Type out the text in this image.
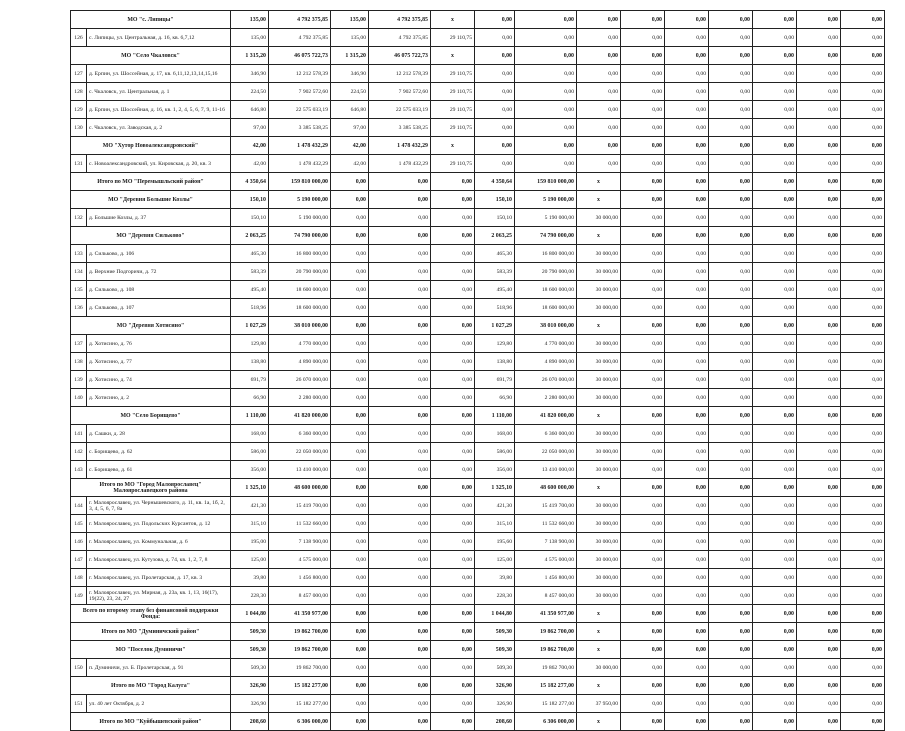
МО "с. Липицы"		135,00	4 792 375,85	135,00	4 792 375,85	x	0,00	0,00	0,00	0,00	0,00	0,00	0,00	0,00	0,00
126	с. Липицы, ул. Центральная, д. 16, кв. 6,7,12	135,00	4 792 375,85	135,00	4 792 375,85	29 110,75	0,00	0,00	0,00	0,00	0,00	0,00	0,00	0,00	0,00
МО "Село Чкаловск"		1 315,20	46 075 722,73	1 315,20	46 075 722,73	x	0,00	0,00	0,00	0,00	0,00	0,00	0,00	0,00	0,00
127	д. Ерпин, ул. Шоссейная, д. 17, кв. 6,11,12,13,14,15,16	346,90	12 212 578,39	346,90	12 212 578,39	29 110,75	0,00	0,00	0,00	0,00	0,00	0,00	0,00	0,00	0,00
128	с. Чкаловск, ул. Центральная, д. 1	224,50	7 902 572,60	224,50	7 902 572,60	29 110,75	0,00	0,00	0,00	0,00	0,00	0,00	0,00	0,00	0,00
129	д. Ерпин, ул. Шоссейная, д. 16, кв. 1, 2, 4, 5, 6, 7, 9, 11-16	646,80	22 575 033,19	646,80	22 575 033,19	29 110,75	0,00	0,00	0,00	0,00	0,00	0,00	0,00	0,00	0,00
130	с. Чкаловск, ул. Заводская, д. 2	97,00	3 385 538,25	97,00	3 385 538,25	29 110,75	0,00	0,00	0,00	0,00	0,00	0,00	0,00	0,00	0,00
МО "Хутор Новоалександровский"		42,00	1 478 432,29	42,00	1 478 432,29	x	0,00	0,00	0,00	0,00	0,00	0,00	0,00	0,00	0,00
131	с. Новоалександровский, ул. Кировская, д. 20, кв. 3	42,00	1 478 432,29	42,00	1 478 432,29	29 110,75	0,00	0,00	0,00	0,00	0,00	0,00	0,00	0,00	0,00
Итого по МО "Перемышльский район"		4 350,64	159 810 000,00	0,00	0,00	0,00	4 350,64	159 810 000,00	x	0,00	0,00	0,00	0,00	0,00	0,00
МО "Деревня Большие Козлы"		150,10	5 190 000,00	0,00	0,00	0,00	150,10	5 190 000,00	x	0,00	0,00	0,00	0,00	0,00	0,00
132	д. Большие Козлы, д. 37	150,10	5 190 000,00	0,00	0,00	0,00	150,10	5 190 000,00	30 000,00	0,00	0,00	0,00	0,00	0,00	0,00
МО "Деревня Сильково"		2 063,25	74 790 000,00	0,00	0,00	0,00	2 063,25	74 790 000,00	x	0,00	0,00	0,00	0,00	0,00	0,00
133	д. Сильково, д. 106	465,30	16 800 000,00	0,00	0,00	0,00	465,30	16 800 000,00	30 000,00	0,00	0,00	0,00	0,00	0,00	0,00
134	д. Верхние Подгоричи, д. 72	583,39	20 790 000,00	0,00	0,00	0,00	583,39	20 790 000,00	30 000,00	0,00	0,00	0,00	0,00	0,00	0,00
135	д. Сильково, д. 108	495,40	18 600 000,00	0,00	0,00	0,00	495,40	18 600 000,00	30 000,00	0,00	0,00	0,00	0,00	0,00	0,00
136	д. Сильково, д. 107	518,96	18 600 000,00	0,00	0,00	0,00	518,96	18 600 000,00	30 000,00	0,00	0,00	0,00	0,00	0,00	0,00
МО "Деревня Хотисино"		1 027,29	38 010 000,00	0,00	0,00	0,00	1 027,29	38 010 000,00	x	0,00	0,00	0,00	0,00	0,00	0,00
137	д. Хотисино, д. 76	129,80	4 770 000,00	0,00	0,00	0,00	129,80	4 770 000,00	30 000,00	0,00	0,00	0,00	0,00	0,00	0,00
138	д. Хотисино, д. 77	138,80	4 890 000,00	0,00	0,00	0,00	138,80	4 890 000,00	30 000,00	0,00	0,00	0,00	0,00	0,00	0,00
139	д. Хотисино, д. 74	691,79	26 070 000,00	0,00	0,00	0,00	691,79	26 070 000,00	30 000,00	0,00	0,00	0,00	0,00	0,00	0,00
140	д. Хотисино, д. 2	66,90	2 280 000,00	0,00	0,00	0,00	66,90	2 280 000,00	30 000,00	0,00	0,00	0,00	0,00	0,00	0,00
МО "Село Борищево"		1 110,00	41 820 000,00	0,00	0,00	0,00	1 110,00	41 820 000,00	x	0,00	0,00	0,00	0,00	0,00	0,00
141	д. Сашки, д. 28	168,00	6 360 000,00	0,00	0,00	0,00	168,00	6 360 000,00	30 000,00	0,00	0,00	0,00	0,00	0,00	0,00
142	с. Борищево, д. 62	586,00	22 050 000,00	0,00	0,00	0,00	586,00	22 050 000,00	30 000,00	0,00	0,00	0,00	0,00	0,00	0,00
143	с. Борищево, д. 61	356,00	13 410 000,00	0,00	0,00	0,00	356,00	13 410 000,00	30 000,00	0,00	0,00	0,00	0,00	0,00	0,00
Итого по МО "Город Малоярославец" Малоярославецкого района		1 325,10	48 600 000,00	0,00	0,00	0,00	1 325,10	48 600 000,00	x	0,00	0,00	0,00	0,00	0,00	0,00
144	г. Малоярославец, ул. Чернышевского, д. 11, кв. 1а, 1б, 2, 3, 4, 5, 6, 7, 8а	421,30	15 419 700,00	0,00	0,00	0,00	421,30	15 419 700,00	30 000,00	0,00	0,00	0,00	0,00	0,00	0,00
145	г. Малоярославец, ул. Подольских Курсантов, д. 12	315,10	11 532 660,00	0,00	0,00	0,00	315,10	11 532 660,00	30 000,00	0,00	0,00	0,00	0,00	0,00	0,00
146	г. Малоярославец, ул. Коммунальная, д. 6	195,00	7 138 900,00	0,00	0,00	0,00	195,60	7 138 900,00	30 000,00	0,00	0,00	0,00	0,00	0,00	0,00
147	г. Малоярославец, ул. Кутузова, д. 74, кв. 1, 2, 7, 8	125,00	4 575 000,00	0,00	0,00	0,00	125,00	4 575 000,00	30 000,00	0,00	0,00	0,00	0,00	0,00	0,00
148	г. Малоярославец, ул. Пролетарская, д. 17, кв. 3	39,80	1 456 800,00	0,00	0,00	0,00	39,80	1 456 800,00	30 000,00	0,00	0,00	0,00	0,00	0,00	0,00
149	г. Малоярославец, ул. Мирная, д. 23а, кв. 1, 13, 16(17), 19(22), 23, 24, 27	228,30	8 457 000,00	0,00	0,00	0,00	228,30	8 457 000,00	30 000,00	0,00	0,00	0,00	0,00	0,00	0,00
Всего по второму этапу без финансовой поддержки Фонда:		1 044,80	41 350 977,00	0,00	0,00	0,00	1 044,80	41 350 977,00	x	0,00	0,00	0,00	0,00	0,00	0,00
Итого по МО "Думиничский район"		509,30	19 862 700,00	0,00	0,00	0,00	509,30	19 862 700,00	x	0,00	0,00	0,00	0,00	0,00	0,00
МО "Поселок Думиничи"		509,30	19 862 700,00	0,00	0,00	0,00	509,30	19 862 700,00	x	0,00	0,00	0,00	0,00	0,00	0,00
150	п. Думиничи, ул. Б. Пролетарская, д. 91	509,30	19 862 700,00	0,00	0,00	0,00	509,30	19 862 700,00	30 000,00	0,00	0,00	0,00	0,00	0,00	0,00
Итого по МО "Город Калуга"		326,90	15 182 277,00	0,00	0,00	0,00	326,90	15 182 277,00	x	0,00	0,00	0,00	0,00	0,00	0,00
151	ул. 40 лет Октября, д. 2	326,90	15 182 277,00	0,00	0,00	0,00	326,90	15 182 277,00	37 950,00	0,00	0,00	0,00	0,00	0,00	0,00
Итого по МО "Куйбышевский район"		208,60	6 306 000,00	0,00	0,00	0,00	208,60	6 306 000,00	x	0,00	0,00	0,00	0,00	0,00	0,00
